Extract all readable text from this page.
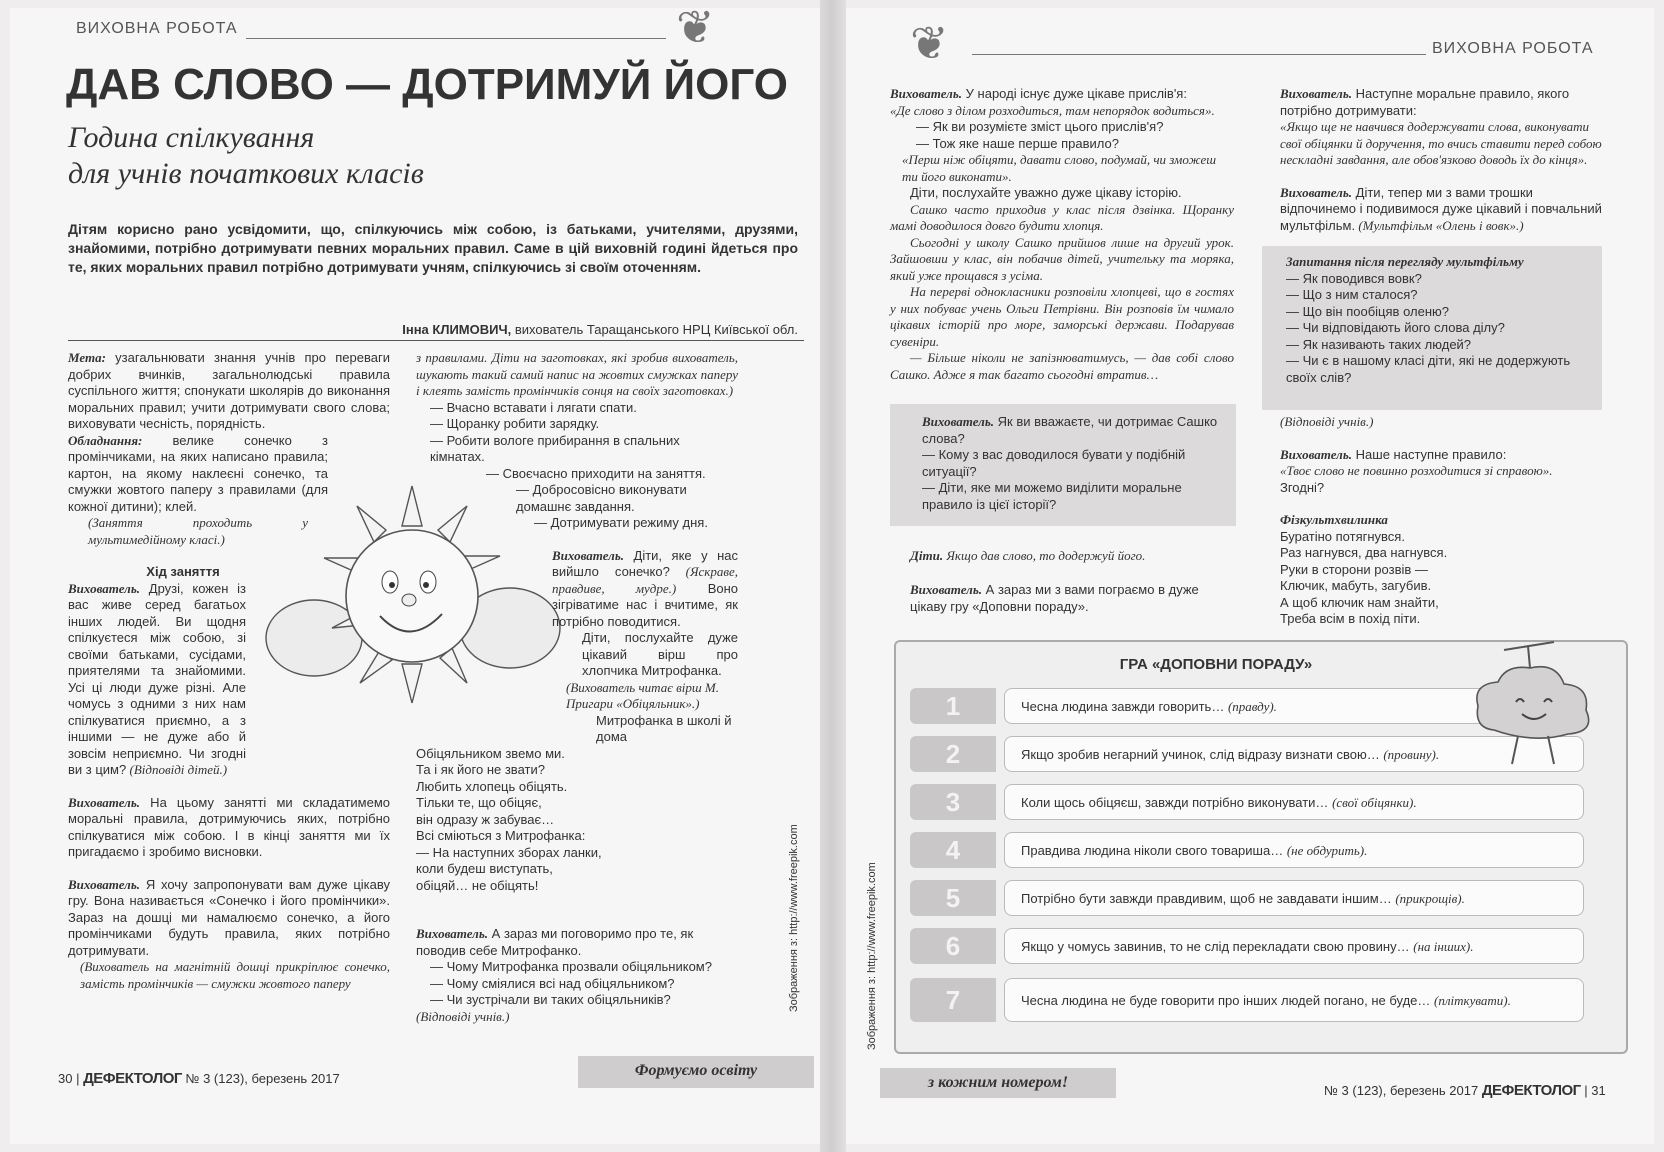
ВИХОВНА РОБОТА	❦
ДАВ СЛОВО — ДОТРИМУЙ ЙОГО
Година спілкування
для учнів початкових класів
Дітям корисно рано усвідомити, що, спілкуючись між собою, із батьками, учителями, друзями, знайомими, потрібно дотримувати певних моральних правил. Саме в цій виховній годині йдеться про те, яких моральних правил потрібно дотримувати учням, спілкуючись зі своїм оточенням.
Інна КЛИМОВИЧ, вихователь Таращанського НРЦ Київської обл.

Мета: узагальнювати знання учнів про переваги добрих вчинків, загальнолюдські правила суспільного життя; спонукати школярів до виконання моральних правил; учити дотримувати свого слова; виховувати чесність, порядність.

Обладнання: велике сонечко з промінчиками, на яких написано правила; картон, на якому наклеєні сонечко, та смужки жовтого паперу з правилами (для кожної дитини); клей.

(Заняття проходить у мультимедійному класі.)

Хід заняття

Вихователь. Друзі, кожен із вас живе серед багатьох інших людей. Ви щодня спілкуєтеся між собою, зі своїми батьками, сусідами, приятелями та знайомими. Усі ці люди дуже різні. Але чомусь з одними з них нам спілкуватися приємно, а з іншими — не дуже або й зовсім неприємно. Чи згодні ви з цим? (Відповіді дітей.)

Вихователь. На цьому занятті ми складатимемо моральні правила, дотримуючись яких, потрібно спілкуватися між собою. І в кінці заняття ми їх пригадаємо і зробимо висновки.

Вихователь. Я хочу запропонувати вам дуже цікаву гру. Вона називається «Сонечко і його промінчики». Зараз на дошці ми намалюємо сонечко, а його промінчиками будуть правила, яких потрібно дотримувати.

(Вихователь на магнітній дошці прикріплює сонечко, замість промінчиків — смужки жовтого паперу

з правилами. Діти на заготовках, які зробив вихователь, шукають такий самий напис на жовтих смужках паперу і клеять замість промінчиків сонця на своїх заготовках.)

— Вчасно вставати і лягати спати.

— Щоранку робити зарядку.

— Робити вологе прибирання в спальних кімнатах.

— Своєчасно приходити на заняття.

— Добросовісно виконувати домашнє завдання.

— Дотримувати режиму дня.

Вихователь. Діти, яке у нас вийшло сонечко? (Яскраве, правдиве, мудре.) Воно зігріватиме нас і вчитиме, як потрібно поводитися.

Діти, послухайте дуже цікавий вірш про хлопчика Митрофанка.

(Вихователь читає вірш М. Пригари «Обіцяльник».)

Митрофанка в школі й дома

Обіцяльником звемо ми.

Та і як його не звати?

Любить хлопець обіцять.

Тільки те, що обіцяє,

він одразу ж забуває…

Всі сміються з Митрофанка:

— На наступних зборах ланки,

коли будеш виступать,

обіцяй… не обіцять!

Вихователь. А зараз ми поговоримо про те, як поводив себе Митрофанко.

— Чому Митрофанка прозвали обіцяльником?

— Чому сміялися всі над обіцяльником?

— Чи зустрічали ви таких обіцяльників?

(Відповіді учнів.)

Зображення з: http://www.freepik.com
30 | ДЕФЕКТОЛОГ № 3 (123), березень 2017	Формуємо освіту
❦	ВИХОВНА РОБОТА

Вихователь. У народі існує дуже цікаве прислів'я:

«Де слово з ділом розходиться, там непорядок водиться».

— Як ви розумієте зміст цього прислів'я?

— Тож яке наше перше правило?

«Перш ніж обіцяти, давати слово, подумай, чи зможеш ти його виконати».

Діти, послухайте уважно дуже цікаву історію.

Сашко часто приходив у клас після дзвінка. Щоранку мамі доводилося довго будити хлопця.

Сьогодні у школу Сашко прийшов лише на другий урок. Зайшовши у клас, він побачив дітей, учительку та моряка, який уже прощався з усіма.

На перерві однокласники розповіли хлопцеві, що в гостях у них побуває учень Ольги Петрівни. Він розповів їм чимало цікавих історій про море, заморські держави. Подарував сувеніри.

— Більше ніколи не запізнюватимусь, — дав собі слово Сашко. Адже я так багато сьогодні втратив…

Вихователь. Як ви вважаєте, чи дотримає Сашко слова?

— Кому з вас доводилося бувати у подібній ситуації?

— Діти, яке ми можемо виділити моральне правило із цієї історії?

Діти. Якщо дав слово, то додержуй його.

Вихователь. А зараз ми з вами пограємо в дуже цікаву гру «Доповни пораду».

Вихователь. Наступне моральне правило, якого потрібно дотримувати:

«Якщо ще не навчився додержувати слова, виконувати свої обіцянки й доручення, то вчись ставити перед собою нескладні завдання, але обов'язково доводь їх до кінця».

Вихователь. Діти, тепер ми з вами трошки відпочинемо і подивимося дуже цікавий і повчальний мультфільм. (Мультфільм «Олень і вовк».)

Запитання після перегляду мультфільму

— Як поводився вовк?

— Що з ним сталося?

— Що він пообіцяв оленю?

— Чи відповідають його слова ділу?

— Як називають таких людей?

— Чи є в нашому класі діти, які не додержують своїх слів?

(Відповіді учнів.)

Вихователь. Наше наступне правило:

«Твоє слово не повинно розходитися зі справою».

Згодні?

Фізкультхвилинка

Буратіно потягнувся.

Раз нагнувся, два нагнувся.

Руки в сторони розвів —

Ключик, мабуть, загубив.

А щоб ключик нам знайти,

Треба всім в похід піти.

Зображення з: http://www.freepik.com
ГРА «ДОПОВНИ ПОРАДУ»
1	Чесна людина завжди говорить… (правду).
2	Якщо зробив негарний учинок, слід відразу визнати свою… (провину).
3	Коли щось обіцяєш, завжди потрібно виконувати… (свої обіцянки).
4	Правдива людина ніколи свого товариша… (не обдурить).
5	Потрібно бути завжди правдивим, щоб не завдавати іншим… (прикрощів).
6	Якщо у чомусь завинив, то не слід перекладати свою провину… (на інших).
7	Чесна людина не буде говорити про інших людей погано, не буде… (пліткувати).
з кожним номером!	№ 3 (123), березень 2017 ДЕФЕКТОЛОГ | 31
